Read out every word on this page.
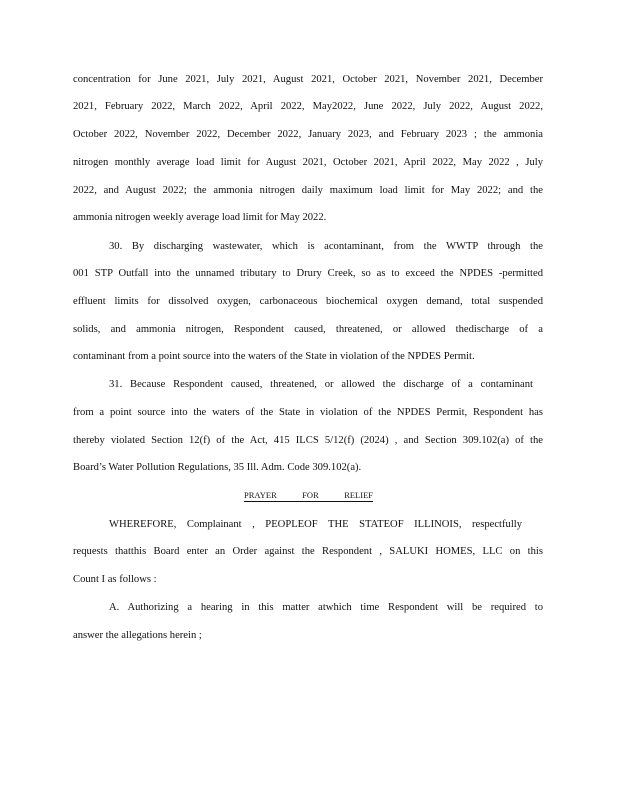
concentration for June 2021, July 2021, August 2021, October 2021, November 2021, December
2021, February 2022, March 2022, April 2022, May2022, June 2022, July 2022, August 2022,
October 2022, November 2022, December 2022, January 2023, and February 2023 ; the ammonia
nitrogen monthly average load limit for August 2021, October 2021, April 2022, May 2022 , July
2022, and August 2022; the ammonia nitrogen daily maximum load limit for May 2022; and the
ammonia nitrogen weekly average load limit for May 2022.
30. By discharging wastewater, which is acontaminant, from the WWTP through the
001 STP Outfall into the unnamed tributary to Drury Creek, so as to exceed the NPDES -permitted
effluent limits for dissolved oxygen, carbonaceous biochemical oxygen demand, total suspended
solids, and ammonia nitrogen, Respondent caused, threatened, or allowed thedischarge of a
contaminant from a point source into the waters of the State in violation of the NPDES Permit.
31. Because Respondent caused, threatened, or allowed the discharge of a contaminant
from a point source into the waters of the State in violation of the NPDES Permit, Respondent has
thereby violated Section 12(f) of the Act, 415 ILCS 5/12(f) (2024) , and Section 309.102(a) of the
Board’s Water Pollution Regulations, 35 Ill. Adm. Code 309.102(a).
PRAYER FOR RELIEF
WHEREFORE, Complainant , PEOPLEOF THE STATEOF ILLINOIS, respectfully
requests thatthis Board enter an Order against the Respondent , SALUKI HOMES, LLC on this
Count I as follows :
A. Authorizing a hearing in this matter atwhich time Respondent will be required to
answer the allegations herein ;
